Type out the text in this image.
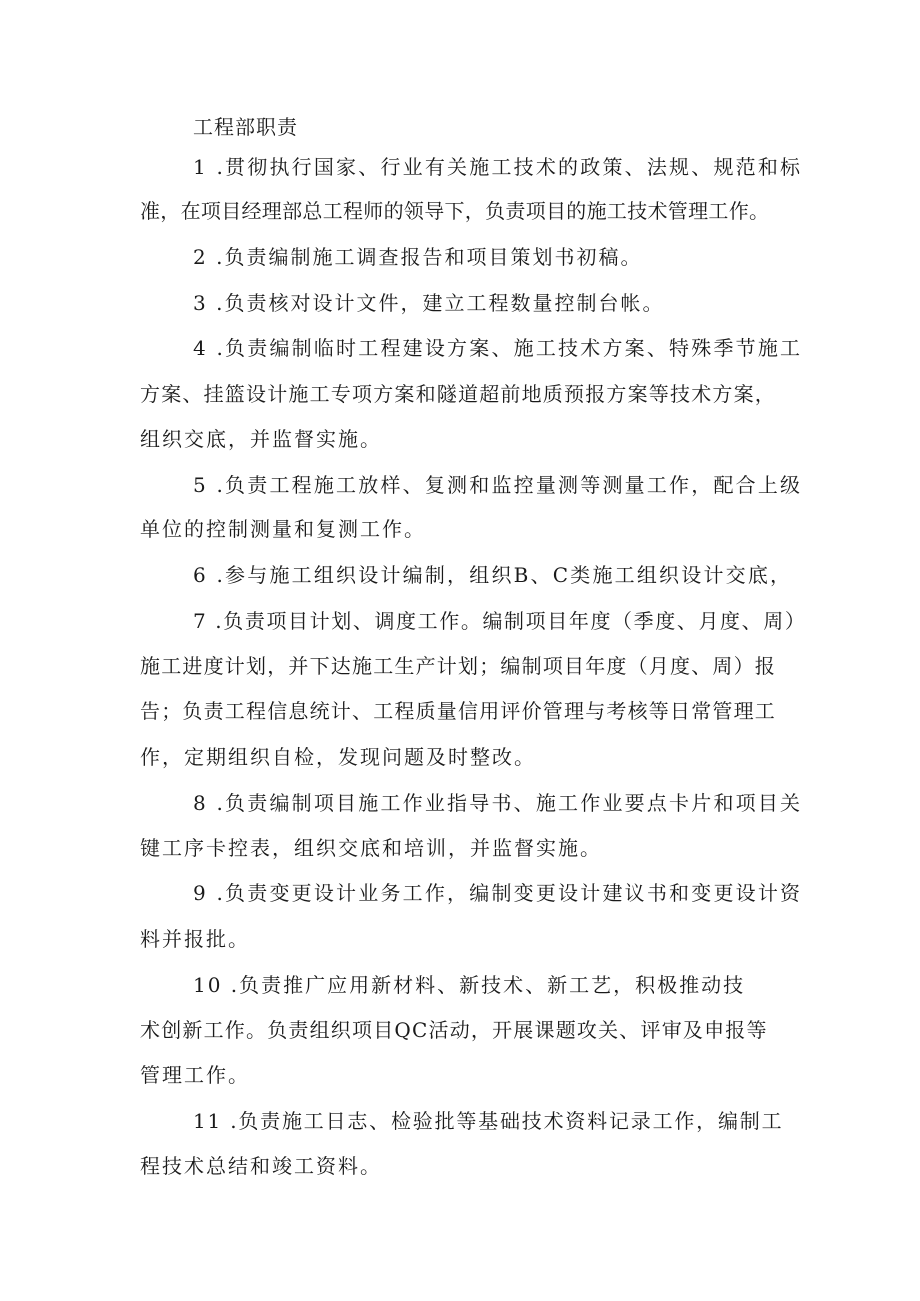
工程部职责
1 .贯彻执行国家、行业有关施工技术的政策、法规、规范和标
准，在项目经理部总工程师的领导下，负责项目的施工技术管理工作。
2 .负责编制施工调查报告和项目策划书初稿。
3 .负责核对设计文件，建立工程数量控制台帐。
4 .负责编制临时工程建设方案、施工技术方案、特殊季节施工
方案、挂篮设计施工专项方案和隧道超前地质预报方案等技术方案，
组织交底，并监督实施。
5 .负责工程施工放样、复测和监控量测等测量工作，配合上级
单位的控制测量和复测工作。
6 .参与施工组织设计编制，组织B、C类施工组织设计交底，
7 .负责项目计划、调度工作。编制项目年度（季度、月度、周）
施工进度计划，并下达施工生产计划；编制项目年度（月度、周）报
告；负责工程信息统计、工程质量信用评价管理与考核等日常管理工
作，定期组织自检，发现问题及时整改。
8 .负责编制项目施工作业指导书、施工作业要点卡片和项目关
键工序卡控表，组织交底和培训，并监督实施。
9 .负责变更设计业务工作，编制变更设计建议书和变更设计资
料并报批。
10 .负责推广应用新材料、新技术、新工艺，积极推动技
术创新工作。负责组织项目QC活动，开展课题攻关、评审及申报等
管理工作。
11 .负责施工日志、检验批等基础技术资料记录工作，编制工
程技术总结和竣工资料。
